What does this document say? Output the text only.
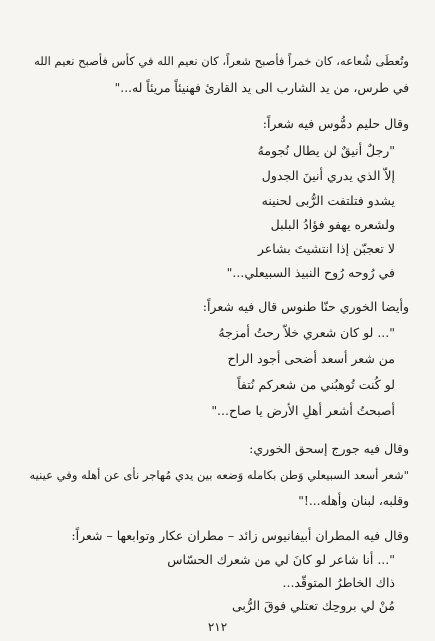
وتُعطَى شُعاعه، كان خمراً فأصبح شعراً، كان نعيم الله في كأس فأصبح نعيم الله
في طرس، من يد الشارب الى يد القارئ فهنيئاً مريئاً له..."
وقال حليم دمُّوس فيه شعراً:
"رجلٌ أنيقٌ لن يطال نُجومهُ
إلاّ الذي يدري أنينَ الجدول
يشدو فتلتفت الرُّبى لحنينه
ولشعره يهفو فؤادُ البلبل
لا تعجبّن إذا انتشيتَ بشاعر
في رُوحه رُوح النبيذ السبيعلي..."
وأيضا الخوري حنّا طنوس قال فيه شعراً:
"... لو كان شعري خلاّ رحتُ أمزجهُ
من شعر أسعد أضحى أجود الراح
لو كُنت تُوهبُني من شعركم نُتفاً
أصبحتُ أشعر أهلِ الأرض يا صاح..."
وقال فيه جورج إسحق الخوري:
"شعر أسعد السبيعلي وَطن بكامله وَضعه بين يدي مُهاجر نأى عن أهله وفي عينيه
وقلبه، لبنان وأهله...!"
وقال فيه المطران أبيفانيوس زائد – مطران عكار وتوابعها – شعراً:
"... أنا شاعر لو كانَ لي من شعرك الحسّاس
ذاك الخاطرُ المتوقّد...
مُنْ لي بروحِك تعتلي فوقَ الرُّبى
٢١٢
